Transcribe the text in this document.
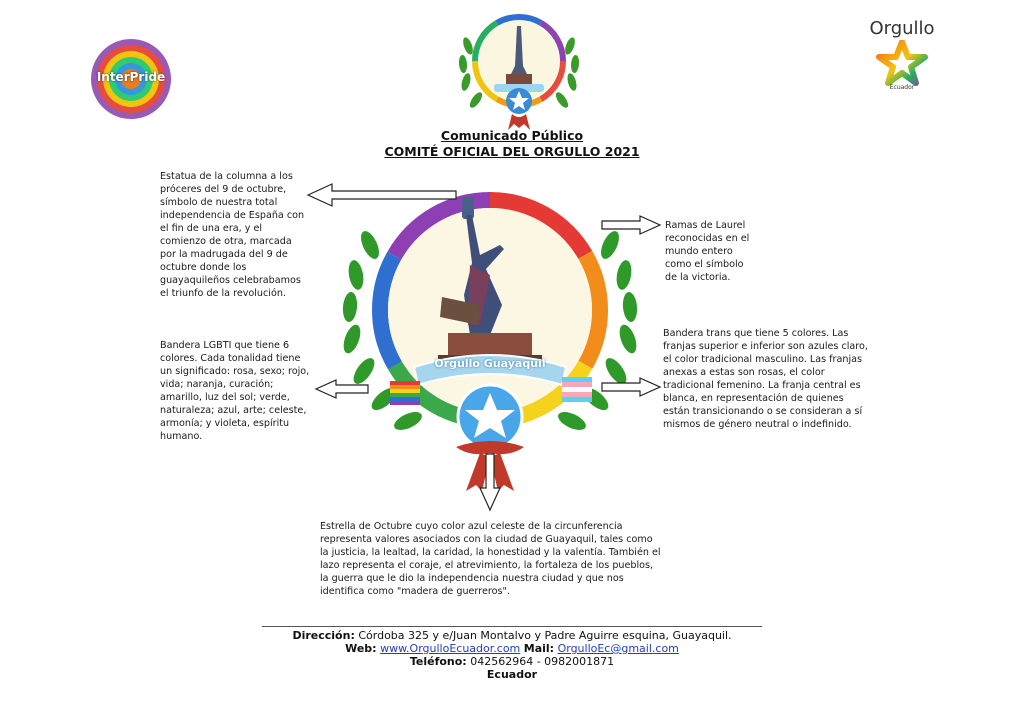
InterPride
Orgullo
Ecuador
Comunicado Público
COMITÉ OFICIAL DEL ORGULLO 2021
Orgullo Guayaquil
Estatua de la columna a los próceres del 9 de octubre, símbolo de nuestra total independencia de España con el fin de una era, y el comienzo de otra, marcada por la madrugada del 9 de octubre donde los guayaquileños celebrabamos el triunfo de la revolución.
Ramas de Laurel reconocidas en el mundo entero como el símbolo de la victoria.
Bandera LGBTI que tiene 6 colores. Cada tonalidad tiene un significado: rosa, sexo; rojo, vida; naranja, curación; amarillo, luz del sol; verde, naturaleza; azul, arte; celeste, armonía; y violeta, espíritu humano.
Bandera trans que tiene 5 colores. Las franjas superior e inferior son azules claro, el color tradicional masculino. Las franjas anexas a estas son rosas, el color tradicional femenino. La franja central es blanca, en representación de quienes están transicionando o se consideran a sí mismos de género neutral o indefinido.
Estrella de Octubre cuyo color azul celeste de la circunferencia representa valores asociados con la ciudad de Guayaquil, tales como la justicia, la lealtad, la caridad, la honestidad y la valentía. También el lazo representa el coraje, el atrevimiento, la fortaleza de los pueblos, la guerra que le dio la independencia nuestra ciudad y que nos identifica como "madera de guerreros".
Dirección: Córdoba 325 y e/Juan Montalvo y Padre Aguirre esquina, Guayaquil.
Web: www.OrgulloEcuador.com Mail: OrgulloEc@gmail.com
Teléfono: 042562964 - 0982001871
Ecuador
